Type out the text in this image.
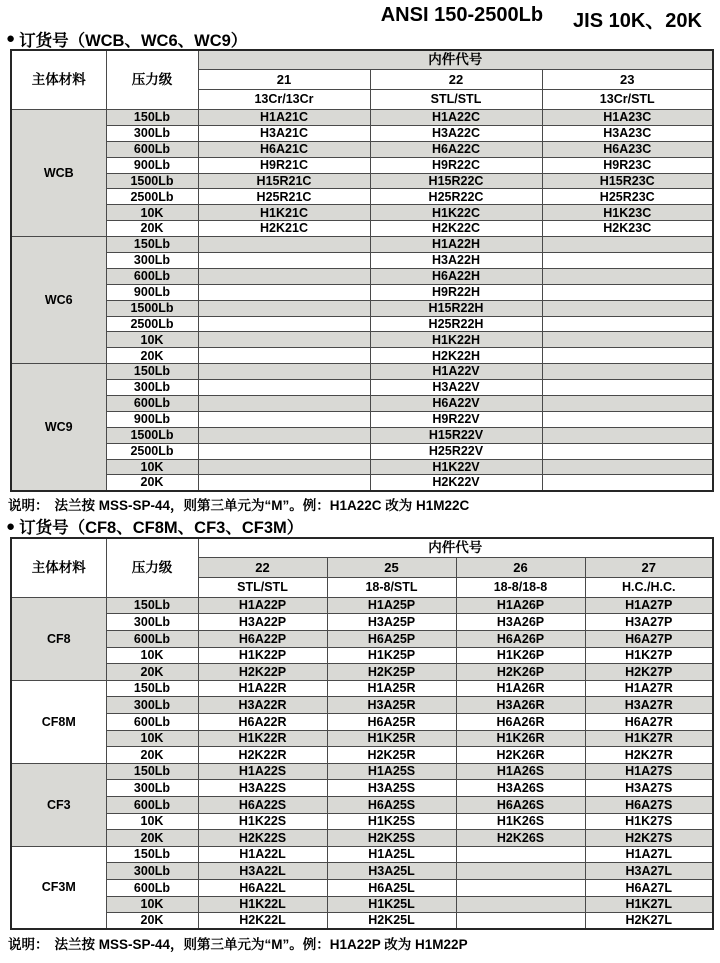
ANSI 150-2500Lb JIS 10K、20K
● 订货号（WCB、WC6、WC9）
主体材料	压力级	内件代号		
		21	22	23
		13Cr/13Cr	STL/STL	13Cr/STL
WCB	150Lb	H1A21C	H1A22C	H1A23C
	300Lb	H3A21C	H3A22C	H3A23C
	600Lb	H6A21C	H6A22C	H6A23C
	900Lb	H9R21C	H9R22C	H9R23C
	1500Lb	H15R21C	H15R22C	H15R23C
	2500Lb	H25R21C	H25R22C	H25R23C
	10K	H1K21C	H1K22C	H1K23C
	20K	H2K21C	H2K22C	H2K23C
WC6	150Lb		H1A22H	
	300Lb		H3A22H	
	600Lb		H6A22H	
	900Lb		H9R22H	
	1500Lb		H15R22H	
	2500Lb		H25R22H	
	10K		H1K22H	
	20K		H2K22H	
WC9	150Lb		H1A22V	
	300Lb		H3A22V	
	600Lb		H6A22V	
	900Lb		H9R22V	
	1500Lb		H15R22V	
	2500Lb		H25R22V	
	10K		H1K22V	
	20K		H2K22V	
说明： 法兰按 MSS-SP-44，则第三单元为“M”。例：H1A22C 改为 H1M22C
● 订货号（CF8、CF8M、CF3、CF3M）
主体材料	压力级	内件代号			
		22	25	26	27
		STL/STL	18-8/STL	18-8/18-8	H.C./H.C.
CF8	150Lb	H1A22P	H1A25P	H1A26P	H1A27P
	300Lb	H3A22P	H3A25P	H3A26P	H3A27P
	600Lb	H6A22P	H6A25P	H6A26P	H6A27P
	10K	H1K22P	H1K25P	H1K26P	H1K27P
	20K	H2K22P	H2K25P	H2K26P	H2K27P
CF8M	150Lb	H1A22R	H1A25R	H1A26R	H1A27R
	300Lb	H3A22R	H3A25R	H3A26R	H3A27R
	600Lb	H6A22R	H6A25R	H6A26R	H6A27R
	10K	H1K22R	H1K25R	H1K26R	H1K27R
	20K	H2K22R	H2K25R	H2K26R	H2K27R
CF3	150Lb	H1A22S	H1A25S	H1A26S	H1A27S
	300Lb	H3A22S	H3A25S	H3A26S	H3A27S
	600Lb	H6A22S	H6A25S	H6A26S	H6A27S
	10K	H1K22S	H1K25S	H1K26S	H1K27S
	20K	H2K22S	H2K25S	H2K26S	H2K27S
CF3M	150Lb	H1A22L	H1A25L		H1A27L
	300Lb	H3A22L	H3A25L		H3A27L
	600Lb	H6A22L	H6A25L		H6A27L
	10K	H1K22L	H1K25L		H1K27L
	20K	H2K22L	H2K25L		H2K27L
说明： 法兰按 MSS-SP-44，则第三单元为“M”。例：H1A22P 改为 H1M22P
